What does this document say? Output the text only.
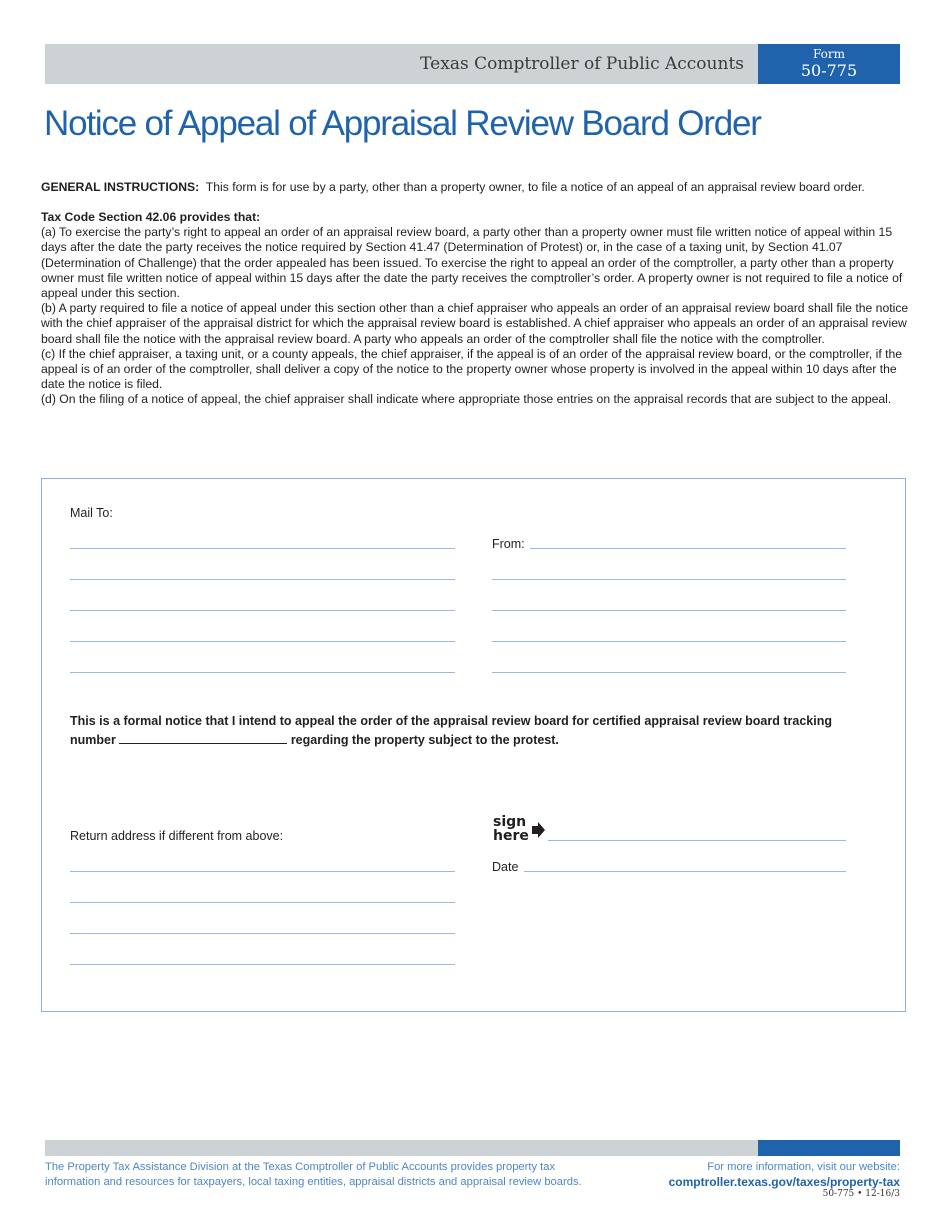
Texas Comptroller of Public Accounts	Form
50-775
Notice of Appeal of Appraisal Review Board Order
GENERAL INSTRUCTIONS: This form is for use by a party, other than a property owner, to file a notice of an appeal of an appraisal review board order.

Tax Code Section 42.06 provides that:

(a) To exercise the party’s right to appeal an order of an appraisal review board, a party other than a property owner must file written notice of appeal within 15 days after the date the party receives the notice required by Section 41.47 (Determination of Protest) or, in the case of a taxing unit, by Section 41.07 (Determination of Challenge) that the order appealed has been issued. To exercise the right to appeal an order of the comptroller, a party other than a property owner must file written notice of appeal within 15 days after the date the party receives the comptroller’s order. A property owner is not required to file a notice of appeal under this section.

(b) A party required to file a notice of appeal under this section other than a chief appraiser who appeals an order of an appraisal review board shall file the notice with the chief appraiser of the appraisal district for which the appraisal review board is established. A chief appraiser who appeals an order of an appraisal review board shall file the notice with the appraisal review board. A party who appeals an order of the comptroller shall file the notice with the comptroller.

(c) If the chief appraiser, a taxing unit, or a county appeals, the chief appraiser, if the appeal is of an order of the appraisal review board, or the comptroller, if the appeal is of an order of the comptroller, shall deliver a copy of the notice to the property owner whose property is involved in the appeal within 10 days after the date the notice is filed.

(d) On the filing of a notice of appeal, the chief appraiser shall indicate where appropriate those entries on the appraisal records that are subject to the appeal.

Mail To:
From:
This is a formal notice that I intend to appeal the order of the appraisal review board for certified appraisal review board tracking number	regarding the property subject to the protest.
Return address if different from above:
sign
here
Date
The Property Tax Assistance Division at the Texas Comptroller of Public Accounts provides property tax information and resources for taxpayers, local taxing entities, appraisal districts and appraisal review boards.
For more information, visit our website:
comptroller.texas.gov/taxes/property-tax
50-775 • 12-16/3
